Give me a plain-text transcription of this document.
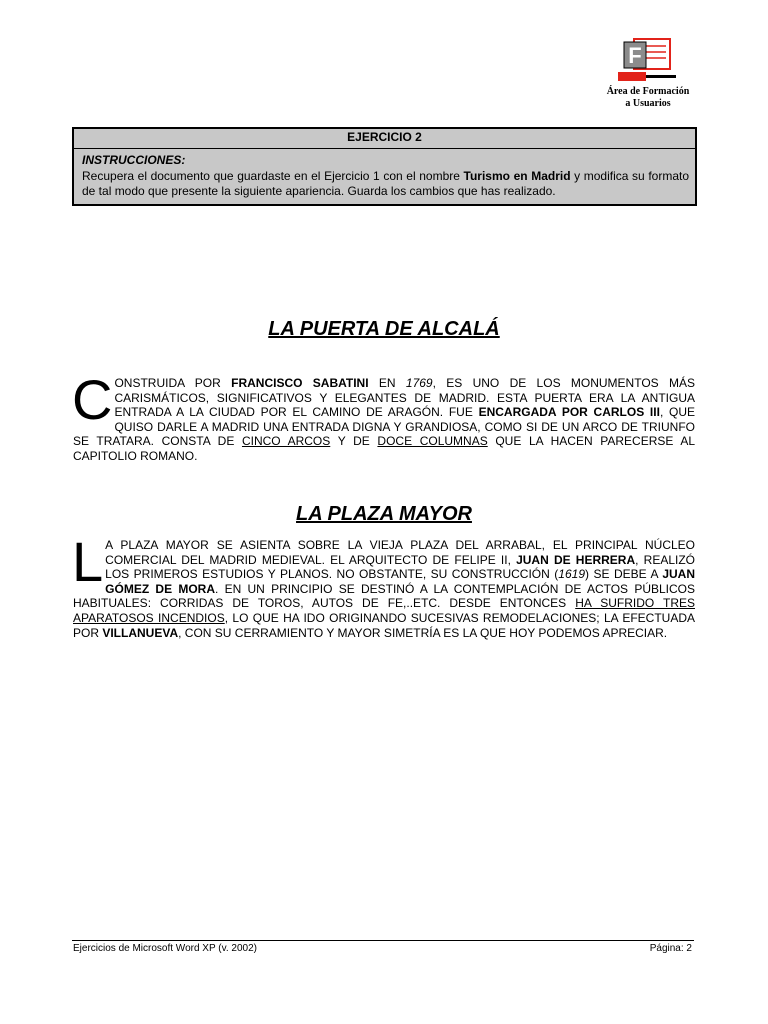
F
Área de Formación
a Usuarios
EJERCICIO 2
INSTRUCCIONES:
Recupera el documento que guardaste en el Ejercicio 1 con el nombre Turismo en Madrid y modifica su formato de tal modo que presente la siguiente apariencia. Guarda los cambios que has realizado.
LA PUERTA DE ALCALÁ
C ONSTRUIDA POR FRANCISCO SABATINI EN 1769, ES UNO DE LOS MONUMENTOS MÁS CARISMÁTICOS, SIGNIFICATIVOS Y ELEGANTES DE MADRID. ESTA PUERTA ERA LA ANTIGUA ENTRADA A LA CIUDAD POR EL CAMINO DE ARAGÓN. FUE ENCARGADA POR CARLOS III, QUE QUISO DARLE A MADRID UNA ENTRADA DIGNA Y GRANDIOSA, COMO SI DE UN ARCO DE TRIUNFO SE TRATARA. CONSTA DE CINCO ARCOS Y DE DOCE COLUMNAS QUE LA HACEN PARECERSE AL CAPITOLIO ROMANO.
LA PLAZA MAYOR
L A PLAZA MAYOR SE ASIENTA SOBRE LA VIEJA PLAZA DEL ARRABAL, EL PRINCIPAL NÚCLEO COMERCIAL DEL MADRID MEDIEVAL. EL ARQUITECTO DE FELIPE II, JUAN DE HERRERA, REALIZÓ LOS PRIMEROS ESTUDIOS Y PLANOS. NO OBSTANTE, SU CONSTRUCCIÓN (1619) SE DEBE A JUAN GÓMEZ DE MORA. EN UN PRINCIPIO SE DESTINÓ A LA CONTEMPLACIÓN DE ACTOS PÚBLICOS HABITUALES: CORRIDAS DE TOROS, AUTOS DE FE,..ETC. DESDE ENTONCES HA SUFRIDO TRES APARATOSOS INCENDIOS, LO QUE HA IDO ORIGINANDO SUCESIVAS REMODELACIONES; LA EFECTUADA POR VILLANUEVA, CON SU CERRAMIENTO Y MAYOR SIMETRÍA ES LA QUE HOY PODEMOS APRECIAR.
Ejercicios de Microsoft Word XP (v. 2002)	Página: 2
